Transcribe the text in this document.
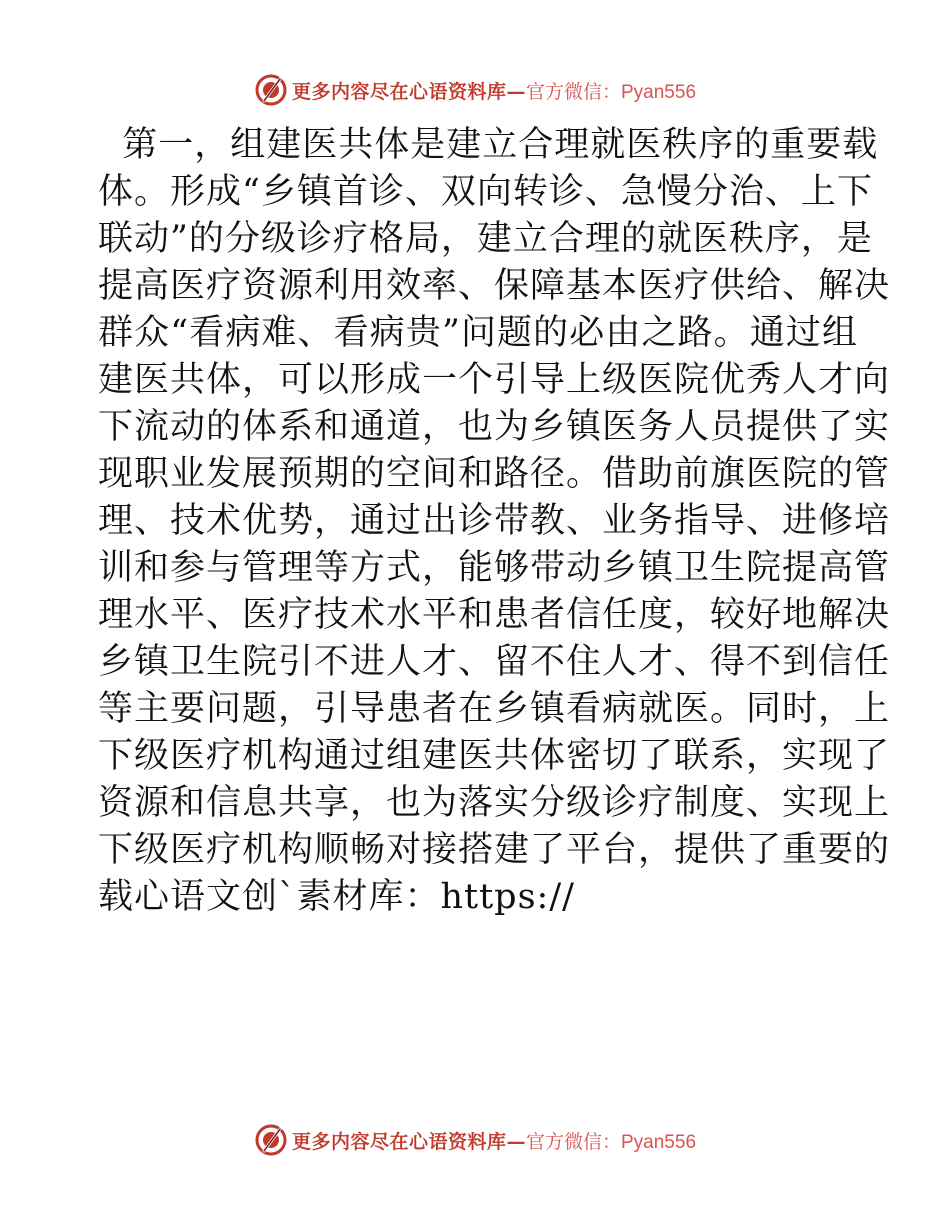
更多内容尽在心语资料库— 官方微信：Pyan556
第一，组建医共体是建立合理就医秩序的重要载
体。形成“乡镇首诊、双向转诊、急慢分治、上下
联动”的分级诊疗格局，建立合理的就医秩序，是
提高医疗资源利用效率、保障基本医疗供给、解决
群众“看病难、看病贵”问题的必由之路。通过组
建医共体，可以形成一个引导上级医院优秀人才向
下流动的体系和通道，也为乡镇医务人员提供了实
现职业发展预期的空间和路径。借助前旗医院的管
理、技术优势，通过出诊带教、业务指导、进修培
训和参与管理等方式，能够带动乡镇卫生院提高管
理水平、医疗技术水平和患者信任度，较好地解决
乡镇卫生院引不进人才、留不住人才、得不到信任
等主要问题，引导患者在乡镇看病就医。同时，上
下级医疗机构通过组建医共体密切了联系，实现了
资源和信息共享，也为落实分级诊疗制度、实现上
下级医疗机构顺畅对接搭建了平台，提供了重要的
载心语文创`素材库：https://
更多内容尽在心语资料库— 官方微信：Pyan556
